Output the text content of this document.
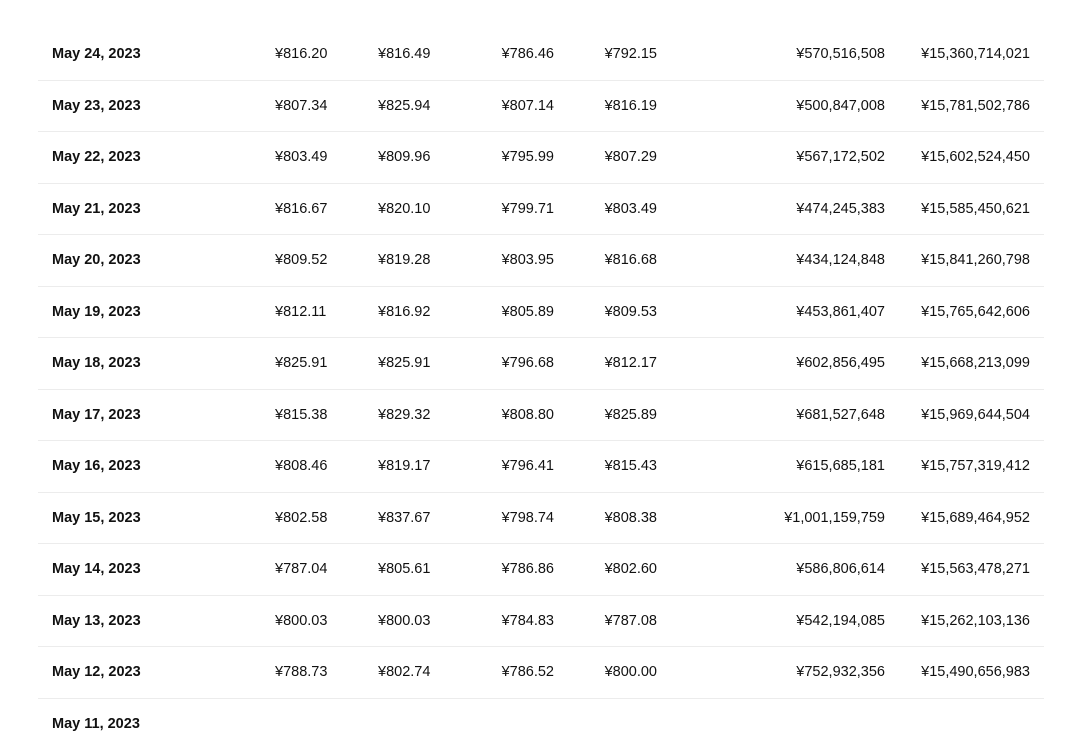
May 24, 2023	¥816.20	¥816.49	¥786.46	¥792.15	¥570,516,508 ¥15,360,714,021
May 23, 2023	¥807.34	¥825.94	¥807.14	¥816.19	¥500,847,008 ¥15,781,502,786
May 22, 2023	¥803.49	¥809.96	¥795.99	¥807.29	¥567,172,502 ¥15,602,524,450
May 21, 2023	¥816.67	¥820.10	¥799.71	¥803.49	¥474,245,383 ¥15,585,450,621
May 20, 2023	¥809.52	¥819.28	¥803.95	¥816.68	¥434,124,848 ¥15,841,260,798
May 19, 2023	¥812.11	¥816.92	¥805.89	¥809.53	¥453,861,407 ¥15,765,642,606
May 18, 2023	¥825.91	¥825.91	¥796.68	¥812.17	¥602,856,495 ¥15,668,213,099
May 17, 2023	¥815.38	¥829.32	¥808.80	¥825.89	¥681,527,648 ¥15,969,644,504
May 16, 2023	¥808.46	¥819.17	¥796.41	¥815.43	¥615,685,181 ¥15,757,319,412
May 15, 2023	¥802.58	¥837.67	¥798.74	¥808.38	¥1,001,159,759 ¥15,689,464,952
May 14, 2023	¥787.04	¥805.61	¥786.86	¥802.60	¥586,806,614 ¥15,563,478,271
May 13, 2023	¥800.03	¥800.03	¥784.83	¥787.08	¥542,194,085 ¥15,262,103,136
May 12, 2023	¥788.73	¥802.74	¥786.52	¥800.00	¥752,932,356 ¥15,490,656,983
May 11, 2023
